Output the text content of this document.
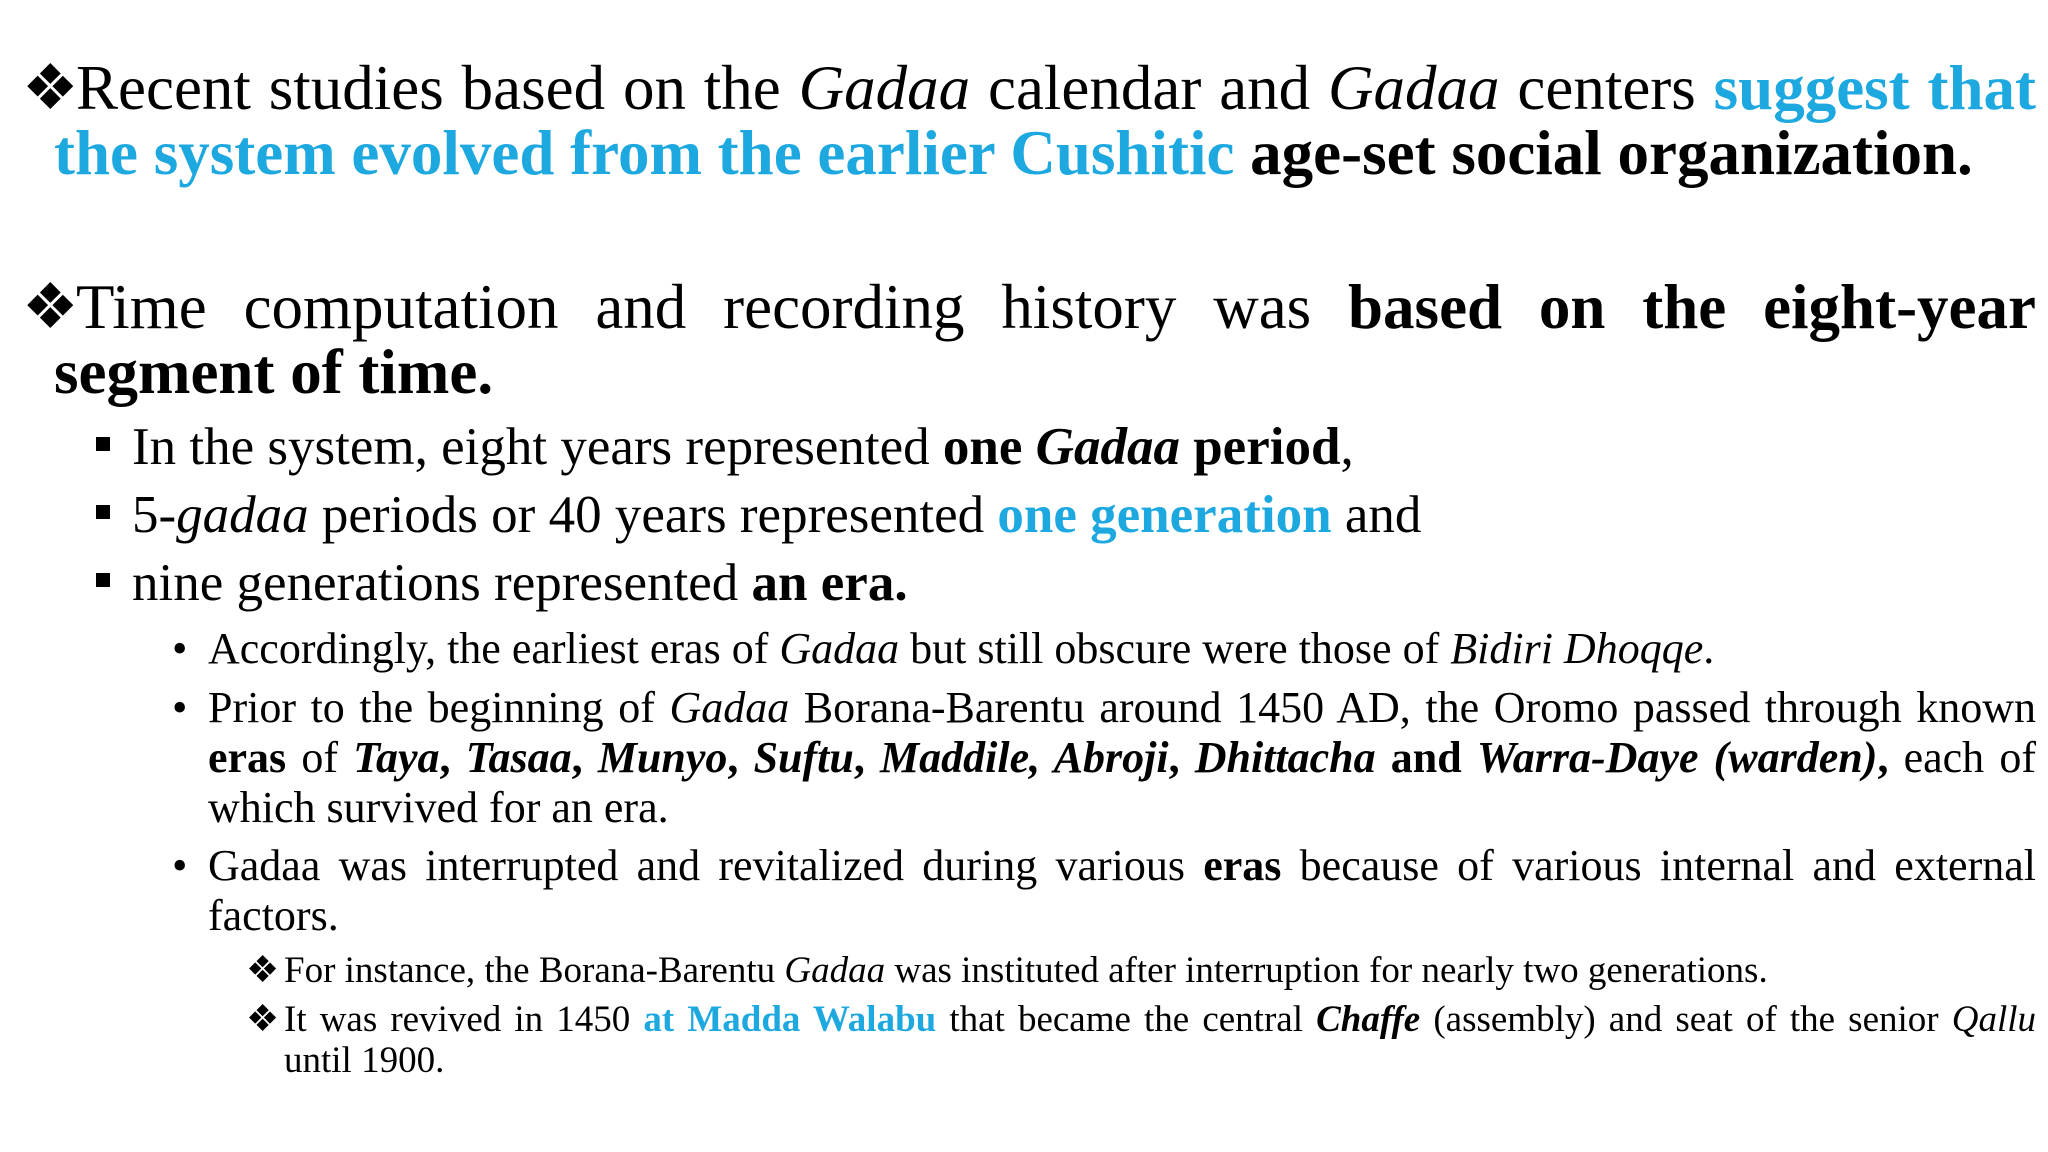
❖

Recent studies based on the Gadaa calendar and Gadaa centers suggest that the system evolved from the earlier Cushitic age-set social organization.

❖

Time computation and recording history was based on the eight-year segment of time.

In the system, eight years represented one Gadaa period,

5-gadaa periods or 40 years represented one generation and

nine generations represented an era.

• Accordingly, the earliest eras of Gadaa but still obscure were those of Bidiri Dhoqqe.

• Prior to the beginning of Gadaa Borana-Barentu around 1450 AD, the Oromo passed through known eras of Taya, Tasaa, Munyo, Suftu, Maddile, Abroji, Dhittacha and Warra-Daye (warden), each of which survived for an era.

• Gadaa was interrupted and revitalized during various eras because of various internal and external factors.

❖ For instance, the Borana-Barentu Gadaa was instituted after interruption for nearly two generations.

❖ It was revived in 1450 at Madda Walabu that became the central Chaffe (assembly) and seat of the senior Qallu until 1900.
